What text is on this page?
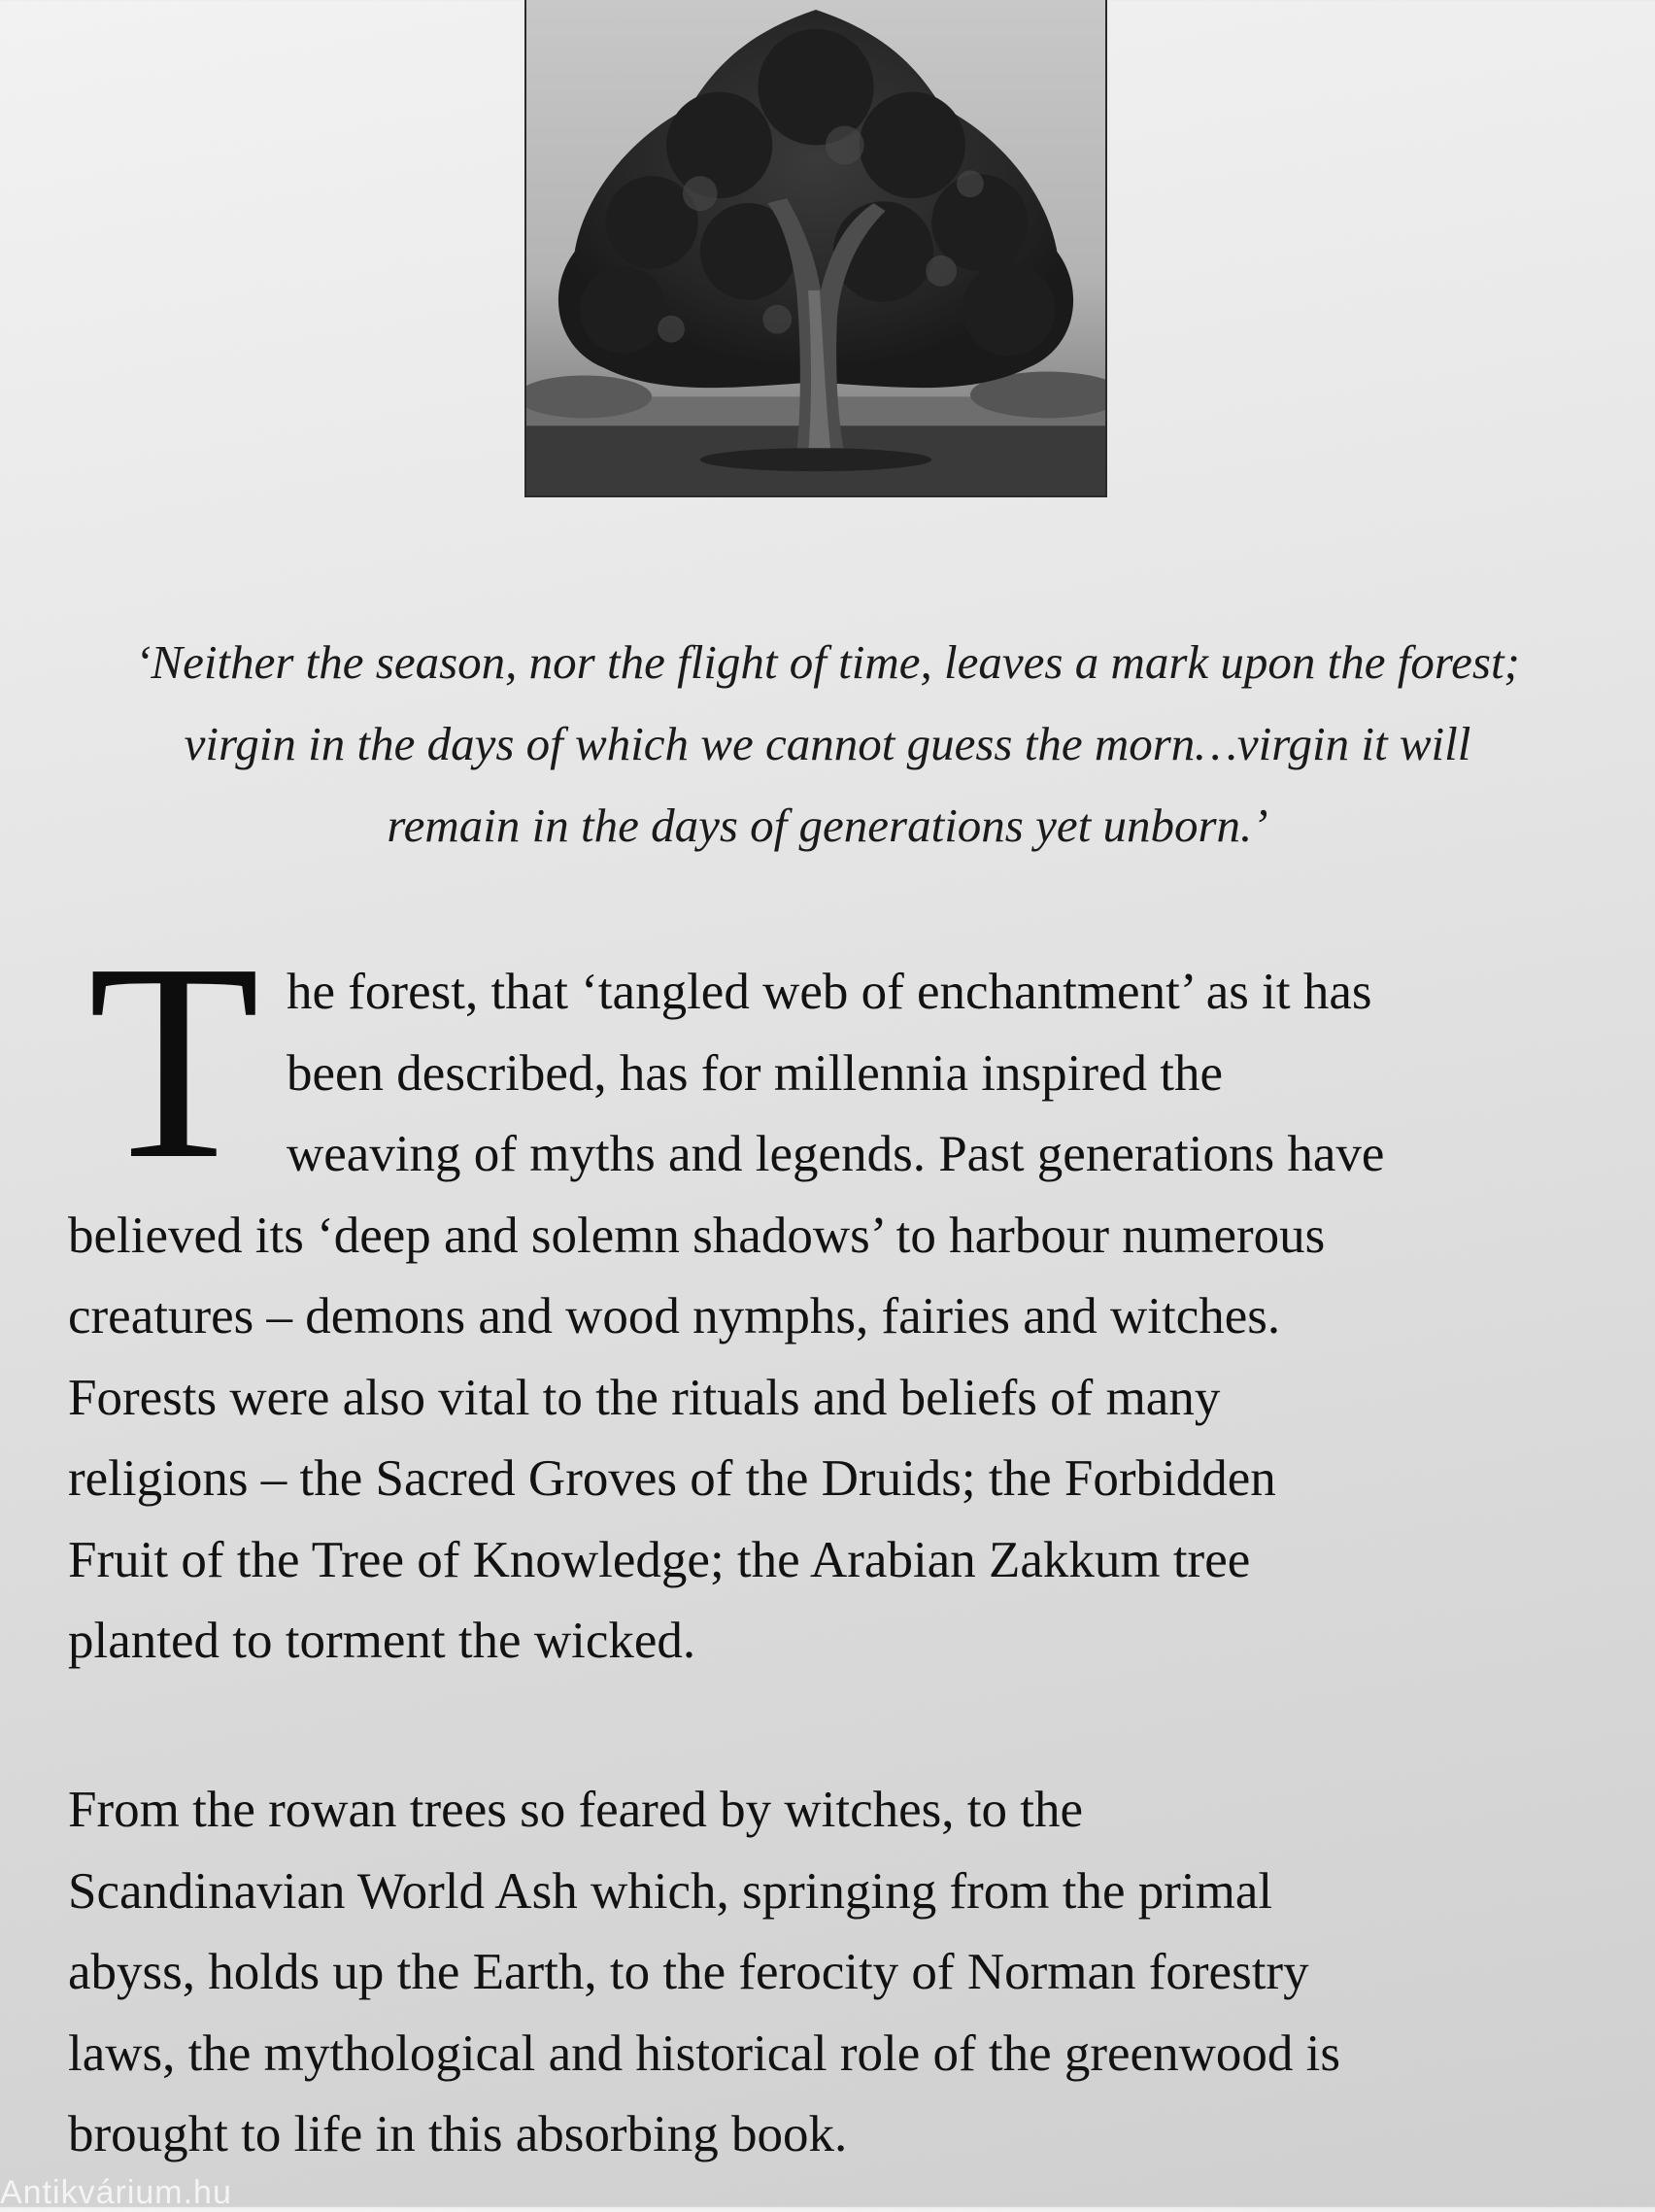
‘Neither the season, nor the flight of time, leaves a mark upon the forest;
virgin in the days of which we cannot guess the morn…virgin it will
remain in the days of generations yet unborn.’
T he forest, that ‘tangled web of enchantment’ as it has
been described, has for millennia inspired the
weaving of myths and legends. Past generations have
believed its ‘deep and solemn shadows’ to harbour numerous
creatures – demons and wood nymphs, fairies and witches.
Forests were also vital to the rituals and beliefs of many
religions – the Sacred Groves of the Druids; the Forbidden
Fruit of the Tree of Knowledge; the Arabian Zakkum tree
planted to torment the wicked.
From the rowan trees so feared by witches, to the
Scandinavian World Ash which, springing from the primal
abyss, holds up the Earth, to the ferocity of Norman forestry
laws, the mythological and historical role of the greenwood is
brought to life in this absorbing book.
Antikvárium.hu
